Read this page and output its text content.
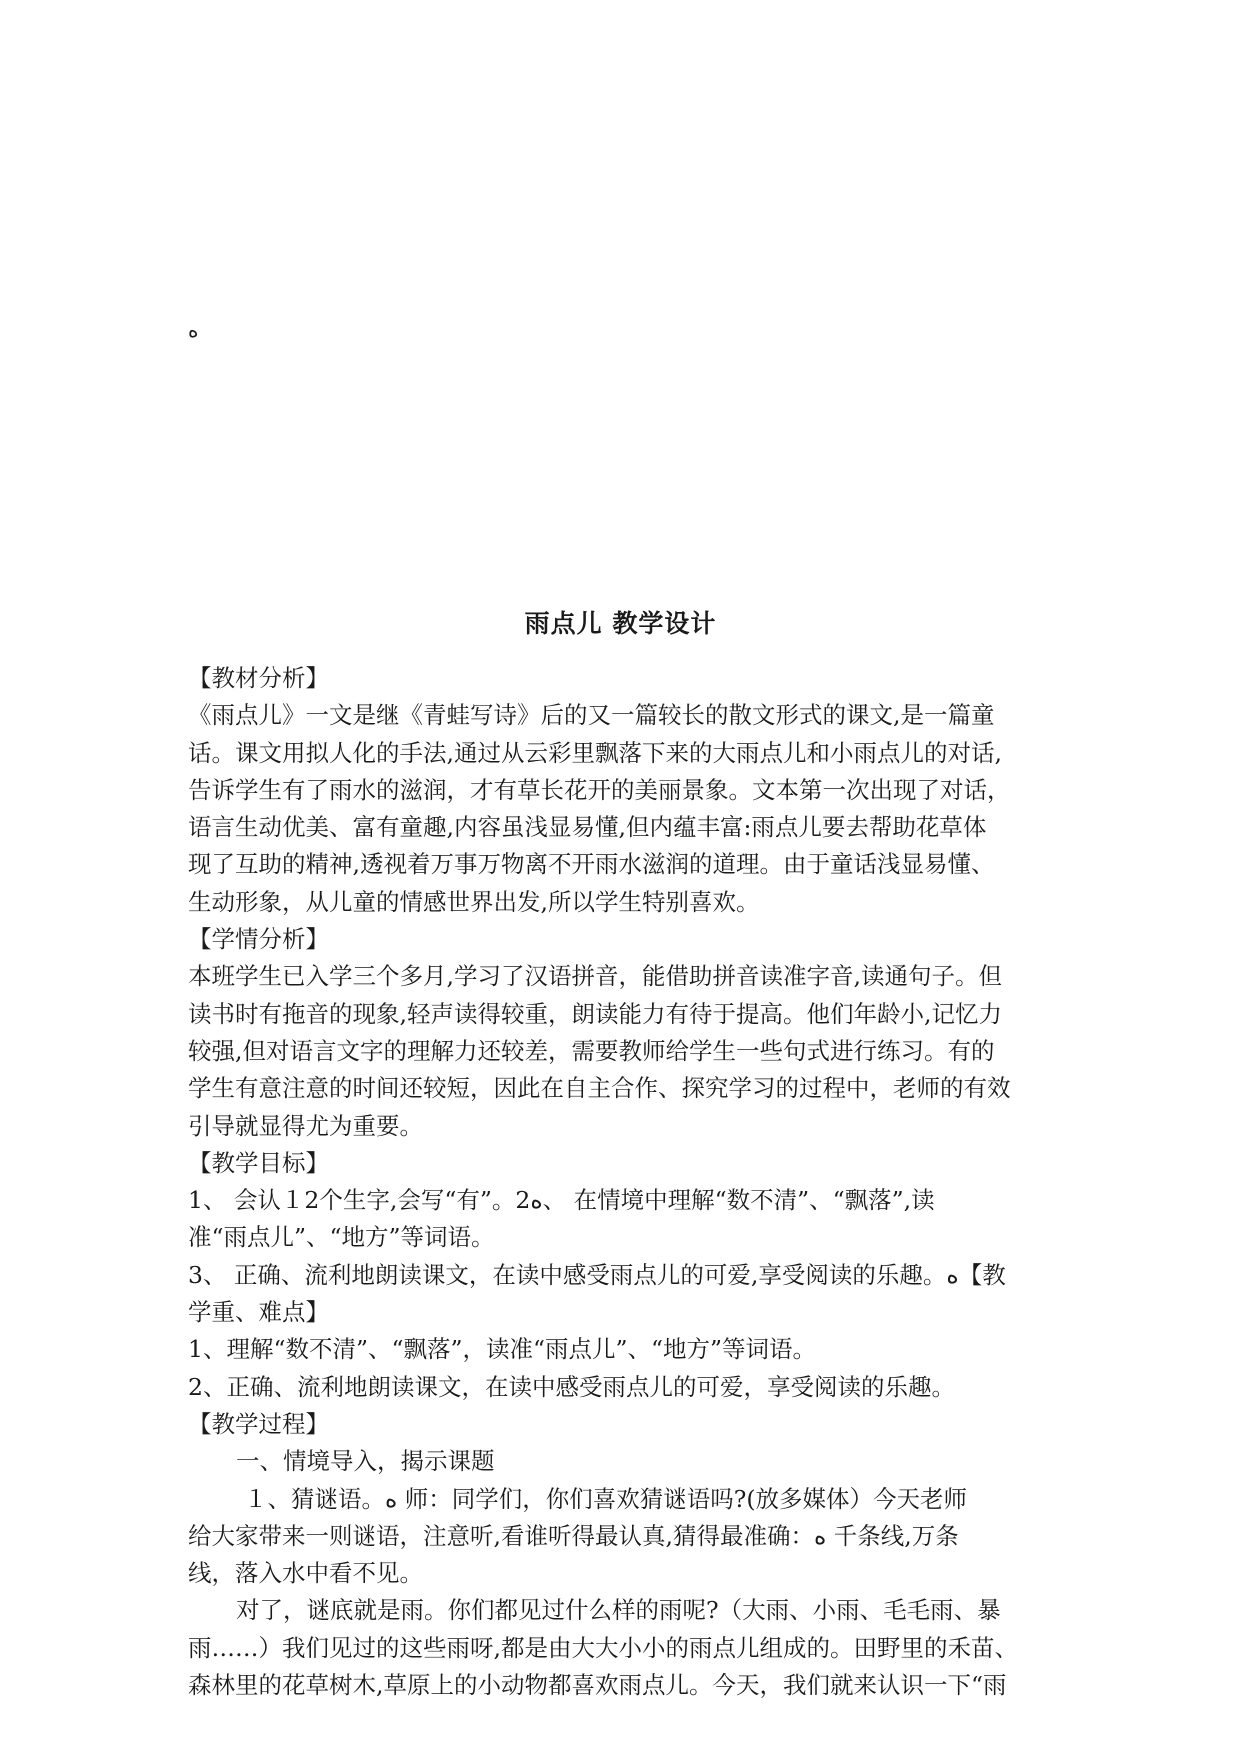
ه
雨点儿 教学设计

【教材分析】

《雨点儿》一文是继《青蛙写诗》后的又一篇较长的散文形式的课文,是一篇童

话。课文用拟人化的手法,通过从云彩里飘落下来的大雨点儿和小雨点儿的对话,

告诉学生有了雨水的滋润，才有草长花开的美丽景象。文本第一次出现了对话，

语言生动优美、富有童趣,内容虽浅显易懂,但内蕴丰富:雨点儿要去帮助花草体

现了互助的精神,透视着万事万物离不开雨水滋润的道理。由于童话浅显易懂、

生动形象，从儿童的情感世界出发,所以学生特别喜欢。

【学情分析】

本班学生已入学三个多月,学习了汉语拼音，能借助拼音读准字音,读通句子。但

读书时有拖音的现象,轻声读得较重，朗读能力有待于提高。他们年龄小,记忆力

较强,但对语言文字的理解力还较差，需要教师给学生一些句式进行练习。有的

学生有意注意的时间还较短，因此在自主合作、探究学习的过程中，老师的有效

引导就显得尤为重要。

【教学目标】

1、 会认１2个生字,会写“有”。2ه、 在情境中理解“数不清”、“飘落”,读

准“雨点儿”、“地方”等词语。

3、 正确、流利地朗读课文，在读中感受雨点儿的可爱,享受阅读的乐趣。ه【教

学重、难点】

1、理解“数不清”、“飘落”，读准“雨点儿”、“地方”等词语。

2、正确、流利地朗读课文，在读中感受雨点儿的可爱，享受阅读的乐趣。

【教学过程】

一、情境导入，揭示课题

１、猜谜语。ه 师：同学们，你们喜欢猜谜语吗?(放多媒体）今天老师

给大家带来一则谜语，注意听,看谁听得最认真,猜得最准确：ه 千条线,万条

线，落入水中看不见。

对了，谜底就是雨。你们都见过什么样的雨呢?（大雨、小雨、毛毛雨、暴

雨……）我们见过的这些雨呀,都是由大大小小的雨点儿组成的。田野里的禾苗、

森林里的花草树木,草原上的小动物都喜欢雨点儿。今天，我们就来认识一下“雨
